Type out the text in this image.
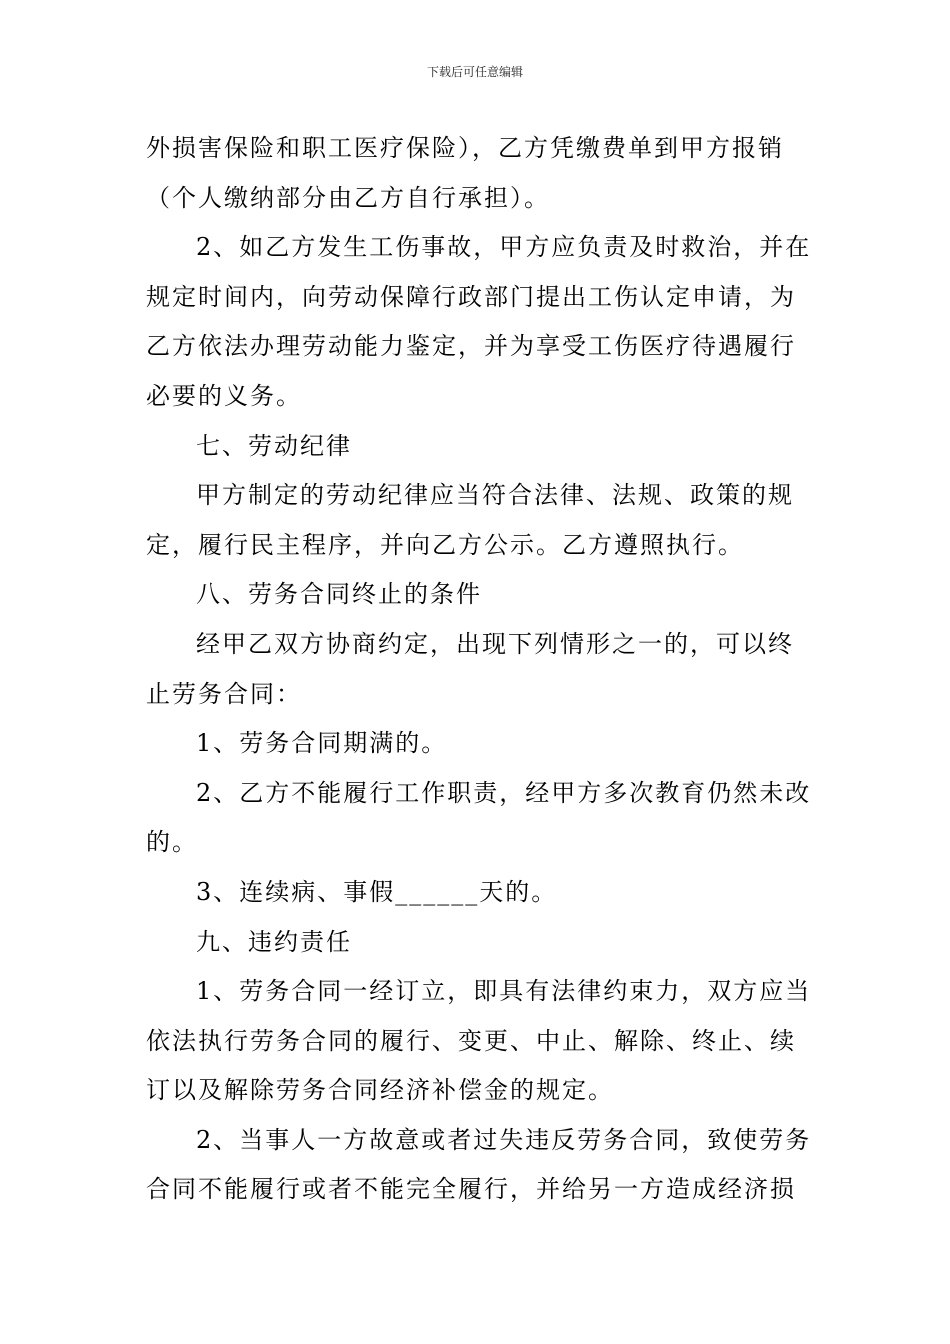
下载后可任意编辑
外损害保险和职工医疗保险），乙方凭缴费单到甲方报销
（个人缴纳部分由乙方自行承担）。
2、如乙方发生工伤事故，甲方应负责及时救治，并在
规定时间内，向劳动保障行政部门提出工伤认定申请，为
乙方依法办理劳动能力鉴定，并为享受工伤医疗待遇履行
必要的义务。
七、劳动纪律
甲方制定的劳动纪律应当符合法律、法规、政策的规
定，履行民主程序，并向乙方公示。乙方遵照执行。
八、劳务合同终止的条件
经甲乙双方协商约定，出现下列情形之一的，可以终
止劳务合同：
1、劳务合同期满的。
2、乙方不能履行工作职责，经甲方多次教育仍然未改
的。
3、连续病、事假______天的。
九、违约责任
1、劳务合同一经订立，即具有法律约束力，双方应当
依法执行劳务合同的履行、变更、中止、解除、终止、续
订以及解除劳务合同经济补偿金的规定。
2、当事人一方故意或者过失违反劳务合同，致使劳务
合同不能履行或者不能完全履行，并给另一方造成经济损
